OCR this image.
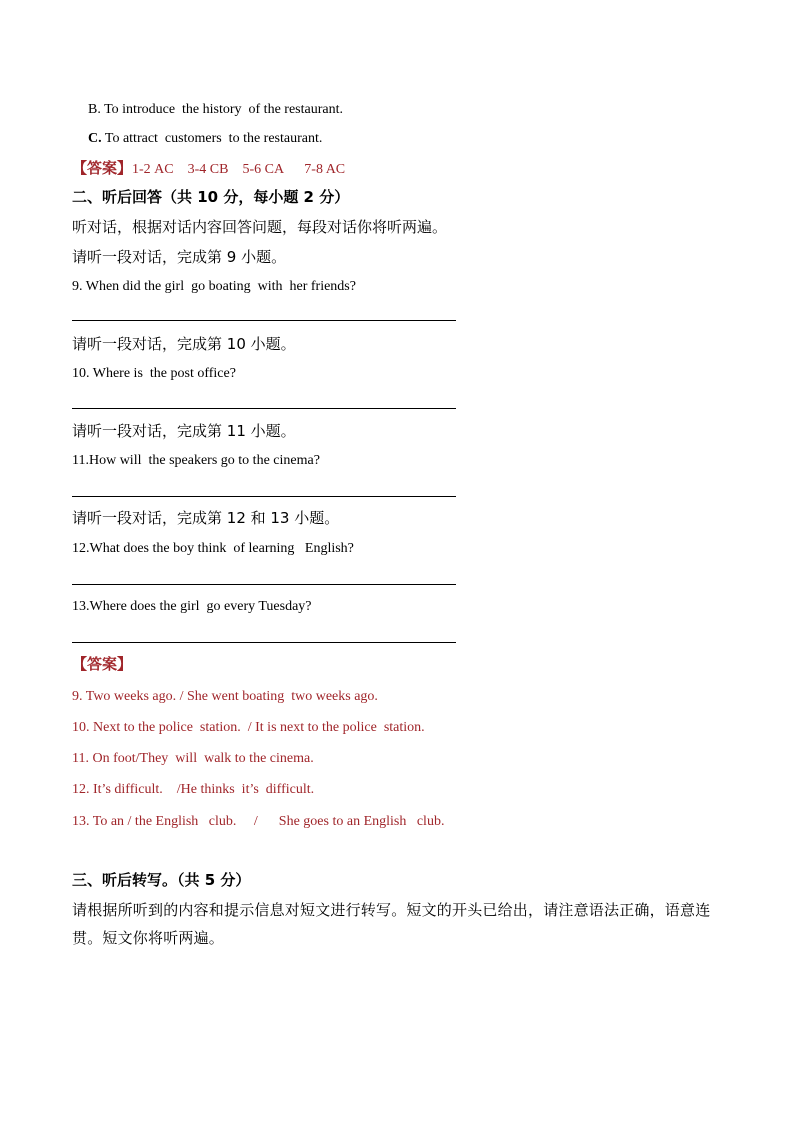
B. To introduce  the history  of the restaurant.
C. To attract  customers  to the restaurant.
【答案】1-2 AC    3-4 CB    5-6 CA      7-8 AC
二、听后回答（共 10 分，每小题 2 分）
听对话，根据对话内容回答问题，每段对话你将听两遍。
请听一段对话，完成第 9 小题。
9. When did the girl  go boating  with  her friends?
请听一段对话，完成第 10 小题。
10. Where is  the post office?
请听一段对话，完成第 11 小题。
11.How will  the speakers go to the cinema?
请听一段对话，完成第 12 和 13 小题。
12.What does the boy think  of learning   English?
13.Where does the girl  go every Tuesday?
【答案】
9. Two weeks ago. / She went boating  two weeks ago.
10. Next to the police  station.  / It is next to the police  station.
11. On foot/They  will  walk to the cinema.
12. It’s difficult.    /He thinks  it’s  difficult.
13. To an / the English   club.     /      She goes to an English   club.
三、听后转写。（共 5 分）
请根据所听到的内容和提示信息对短文进行转写。短文的开头已给出，请注意语法正确，语意连贯。短文你将听两遍。
